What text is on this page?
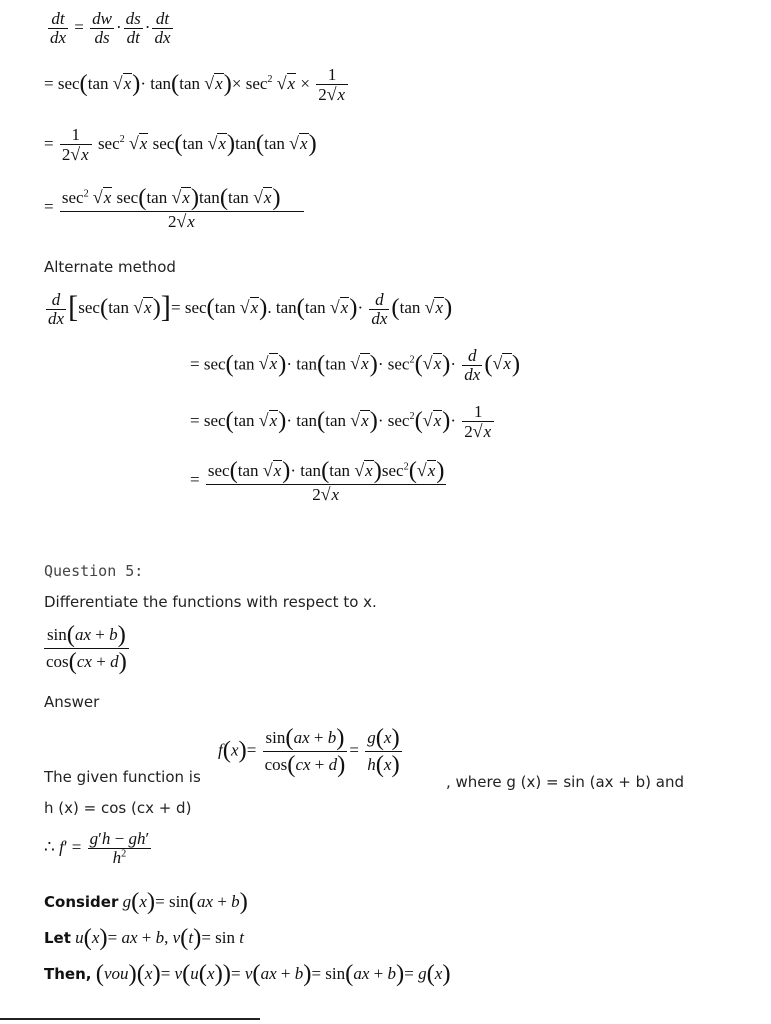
$\frac{dt}{dx} = \frac{dw}{ds} \cdot \frac{ds}{dt} \cdot \frac{dt}{dx}$
= sec(tan √x)· tan(tan $√x)\times \sec^2 √x \times \frac{1}{2√x}$
= $\frac{1}{2√x} \sec^2 √x$ sec(tan √x)tan(tan √x)
= $\frac{\sec^2 √x \sec(\tan √x)\tan(\tan √x)}{2√x}$
Alternate method
$\frac{d}{dx} [\sec(\tan$ √x)]= sec(tan √x). tan(tan $√x)\cdot \frac{d}{dx} (\tan$ √x)
= sec(tan √x)· tan(tan $√x)\cdot \sec^2(√x)\cdot \frac{d}{dx} (√x)$
= sec(tan √x)· tan(tan $√x)\cdot \sec^2(√x)\cdot \frac{1}{2√x}$
= $\frac{\sec(\tan √x)\cdot \tan(\tan √x)\sec^2(√x)}{2√x}$
Question 5:
Differentiate the functions with respect to x.
$\frac{\sin(ax + b)}{\cos(cx + d)}$
Answer
$f(x)= \frac{\sin(ax + b)}{\cos(cx + d)} = \frac{g(x)}{h(x)}$
The given function is	, where g (x) = sin (ax + b) and
h (x) = cos (cx + d)
∴ $f' = \frac{g'h - gh'}{h^2}$
Consider g(x)= sin(ax + b)
Let u(x)= ax + b, v(t)= sin t
Then, (vou)(x)= v(u(x))= v(ax + b)= sin(ax + b)= g(x)
